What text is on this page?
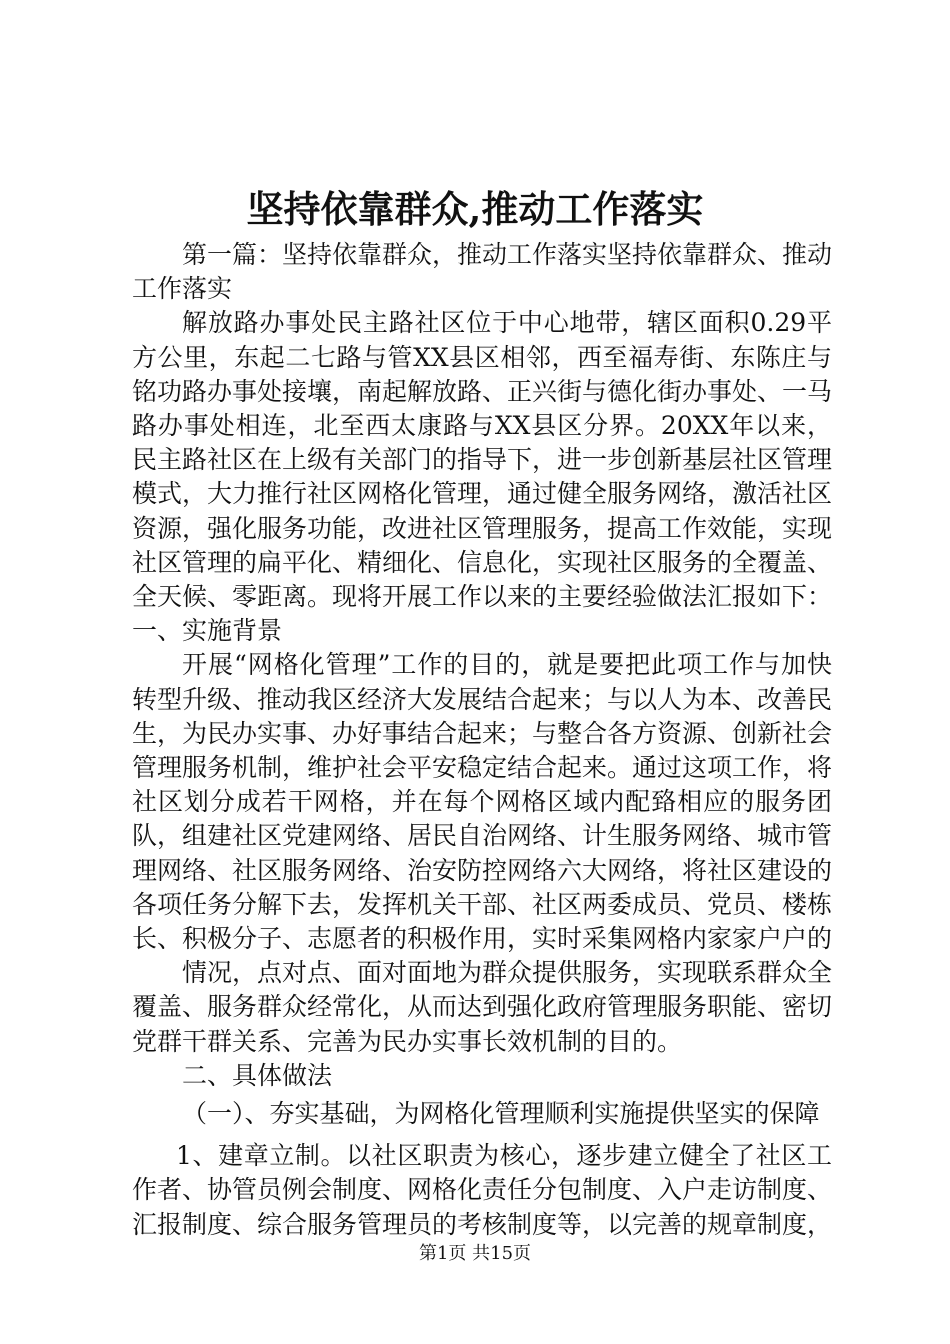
坚持依靠群众,推动工作落实

第一篇：坚持依靠群众，推动工作落实坚持依靠群众、推动工作落实

解放路办事处民主路社区位于中心地带，辖区面积0.29平方公里，东起二七路与管XX县区相邻，西至福寿街、东陈庄与铭功路办事处接壤，南起解放路、正兴街与德化街办事处、一马路办事处相连，北至西太康路与XX县区分界。20XX年以来，民主路社区在上级有关部门的指导下，进一步创新基层社区管理模式，大力推行社区网格化管理，通过健全服务网络，激活社区资源，强化服务功能，改进社区管理服务，提高工作效能，实现社区管理的扁平化、精细化、信息化，实现社区服务的全覆盖、全天候、零距离。现将开展工作以来的主要经验做法汇报如下：一、实施背景

开展“网格化管理”工作的目的，就是要把此项工作与加快转型升级、推动我区经济大发展结合起来；与以人为本、改善民生，为民办实事、办好事结合起来；与整合各方资源、创新社会管理服务机制，维护社会平安稳定结合起来。通过这项工作，将社区划分成若干网格，并在每个网格区域内配臵相应的服务团队，组建社区党建网络、居民自治网络、计生服务网络、城市管理网络、社区服务网络、治安防控网络六大网络，将社区建设的各项任务分解下去，发挥机关干部、社区两委成员、党员、楼栋长、积极分子、志愿者的积极作用，实时采集网格内家家户户的

情况，点对点、面对面地为群众提供服务，实现联系群众全覆盖、服务群众经常化，从而达到强化政府管理服务职能、密切党群干群关系、完善为民办实事长效机制的目的。

二、具体做法

（一）、夯实基础，为网格化管理顺利实施提供坚实的保障

1、建章立制。以社区职责为核心，逐步建立健全了社区工作者、协管员例会制度、网格化责任分包制度、入户走访制度、汇报制度、综合服务管理员的考核制度等，以完善的规章制度，

第1页 共15页
